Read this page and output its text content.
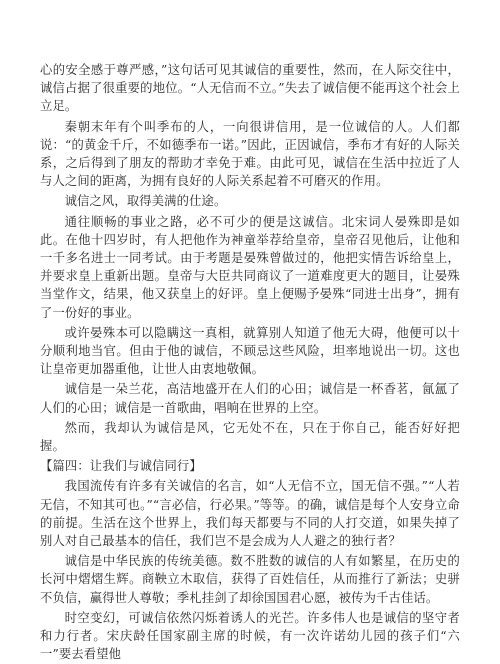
心的安全感于尊严感，”这句话可见其诚信的重要性，然而，在人际交往中，诚信占据了很重要的地位。“人无信而不立。”失去了诚信便不能再这个社会上立足。

秦朝末年有个叫季布的人，一向很讲信用，是一位诚信的人。人们都说：“的黄金千斤，不如德季布一诺。”因此，正因诚信，季布才有好的人际关系，之后得到了朋友的帮助才幸免于难。由此可见，诚信在生活中拉近了人与人之间的距离，为拥有良好的人际关系起着不可磨灭的作用。

诚信之风，取得美满的仕途。

通往顺畅的事业之路，必不可少的便是这诚信。北宋词人晏殊即是如此。在他十四岁时，有人把他作为神童举荐给皇帝，皇帝召见他后，让他和一千多名进士一同考试。由于考题是晏殊曾做过的，他把实情告诉给皇上，并要求皇上重新出题。皇帝与大臣共同商议了一道难度更大的题目，让晏殊当堂作文，结果，他又获皇上的好评。皇上便赐予晏殊“同进士出身”，拥有了一份好的事业。

或许晏殊本可以隐瞒这一真相，就算别人知道了他无大碍，他便可以十分顺利地当官。但由于他的诚信，不顾忌这些风险，坦率地说出一切。这也让皇帝更加器重他，让世人由衷地敬佩。

诚信是一朵兰花，高洁地盛开在人们的心田；诚信是一杯香茗，氤氲了人们的心田；诚信是一首歌曲，唱响在世界的上空。

然而，我却认为诚信是风，它无处不在，只在于你自己，能否好好把握。

【篇四：让我们与诚信同行】

我国流传有许多有关诚信的名言，如“人无信不立，国无信不强。”“人若无信，不知其可也。”“言必信，行必果。”等等。的确，诚信是每个人安身立命的前提。生活在这个世界上，我们每天都要与不同的人打交道，如果失掉了别人对自己最基本的信任，我们岂不是会成为人人避之的独行者？

诚信是中华民族的传统美德。数不胜数的诚信的人有如繁星，在历史的长河中熠熠生辉。商鞅立木取信，获得了百姓信任，从而推行了新法；史骈不负信，赢得世人尊敬；季札挂剑了却徐国国君心愿，被传为千古佳话。

时空变幻，可诚信依然闪烁着诱人的光芒。许多伟人也是诚信的坚守者和力行者。宋庆龄任国家副主席的时候，有一次许诺幼儿园的孩子们“六一”要去看望他
